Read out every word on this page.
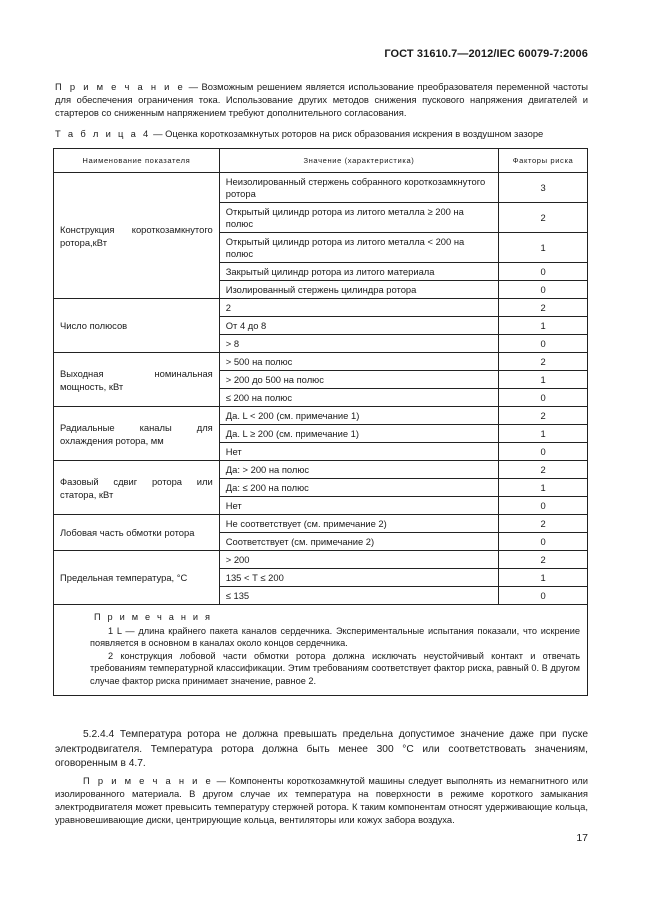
ГОСТ 31610.7—2012/IEC 60079-7:2006
П р и м е ч а н и е — Возможным решением является использование преобразователя переменной частоты для обеспечения ограничения тока. Использование других методов снижения пускового напряжения двигателей и стартеров со сниженным напряжением требуют дополнительного согласования.
Т а б л и ц а 4 — Оценка короткозамкнутых роторов на риск образования искрения в воздушном зазоре
Наименование показателя	Значение (характеристика)	Факторы риска
Конструкция короткозамкнутого ротора,кВт	Неизолированный стержень собранного короткозамкнутого ротора	3
	Открытый цилиндр ротора из литого металла ≥ 200 на полюс	2
	Открытый цилиндр ротора из литого металла < 200 на полюс	1
	Закрытый цилиндр ротора из литого материала	0
	Изолированный стержень цилиндра ротора	0
Число полюсов	2	2
	От 4 до 8	1
	> 8	0
Выходная номинальная мощность, кВт	> 500 на полюс	2
	> 200 до 500 на полюс	1
	≤ 200 на полюс	0
Радиальные каналы для охлаждения ротора, мм	Да. L < 200 (см. примечание 1)	2
	Да. L ≥ 200 (см. примечание 1)	1
	Нет	0
Фазовый сдвиг ротора или статора, кВт	Да: > 200 на полюс	2
	Да: ≤ 200 на полюс	1
	Нет	0
Лобовая часть обмотки ротора	Не соответствует (см. примечание 2)	2
	Соответствует (см. примечание 2)	0
Предельная температура, °С	> 200	2
	135 < Т ≤ 200	1
	≤ 135	0

П р и м е ч а н и я

1 L — длина крайнего пакета каналов сердечника. Экспериментальные испытания показали, что искрение появляется в основном в каналах около концов сердечника.

2 конструкция лобовой части обмотки ротора должна исключать неустойчивый контакт и отвечать требованиям температурной классификации. Этим требованиям соответствует фактор риска, равный 0. В другом случае фактор риска принимает значение, равное 2.		

5.2.4.4 Температура ротора не должна превышать предельна допустимое значение даже при пуске электродвигателя. Температура ротора должна быть менее 300 °С или соответствовать значениям, оговоренным в 4.7.
П р и м е ч а н и е — Компоненты короткозамкнутой машины следует выполнять из немагнитного или изолированного материала. В другом случае их температура на поверхности в режиме короткого замыкания электродвигателя может превысить температуру стержней ротора. К таким компонентам относят удерживающие кольца, уравновешивающие диски, центрирующие кольца, вентиляторы или кожух забора воздуха.
17
